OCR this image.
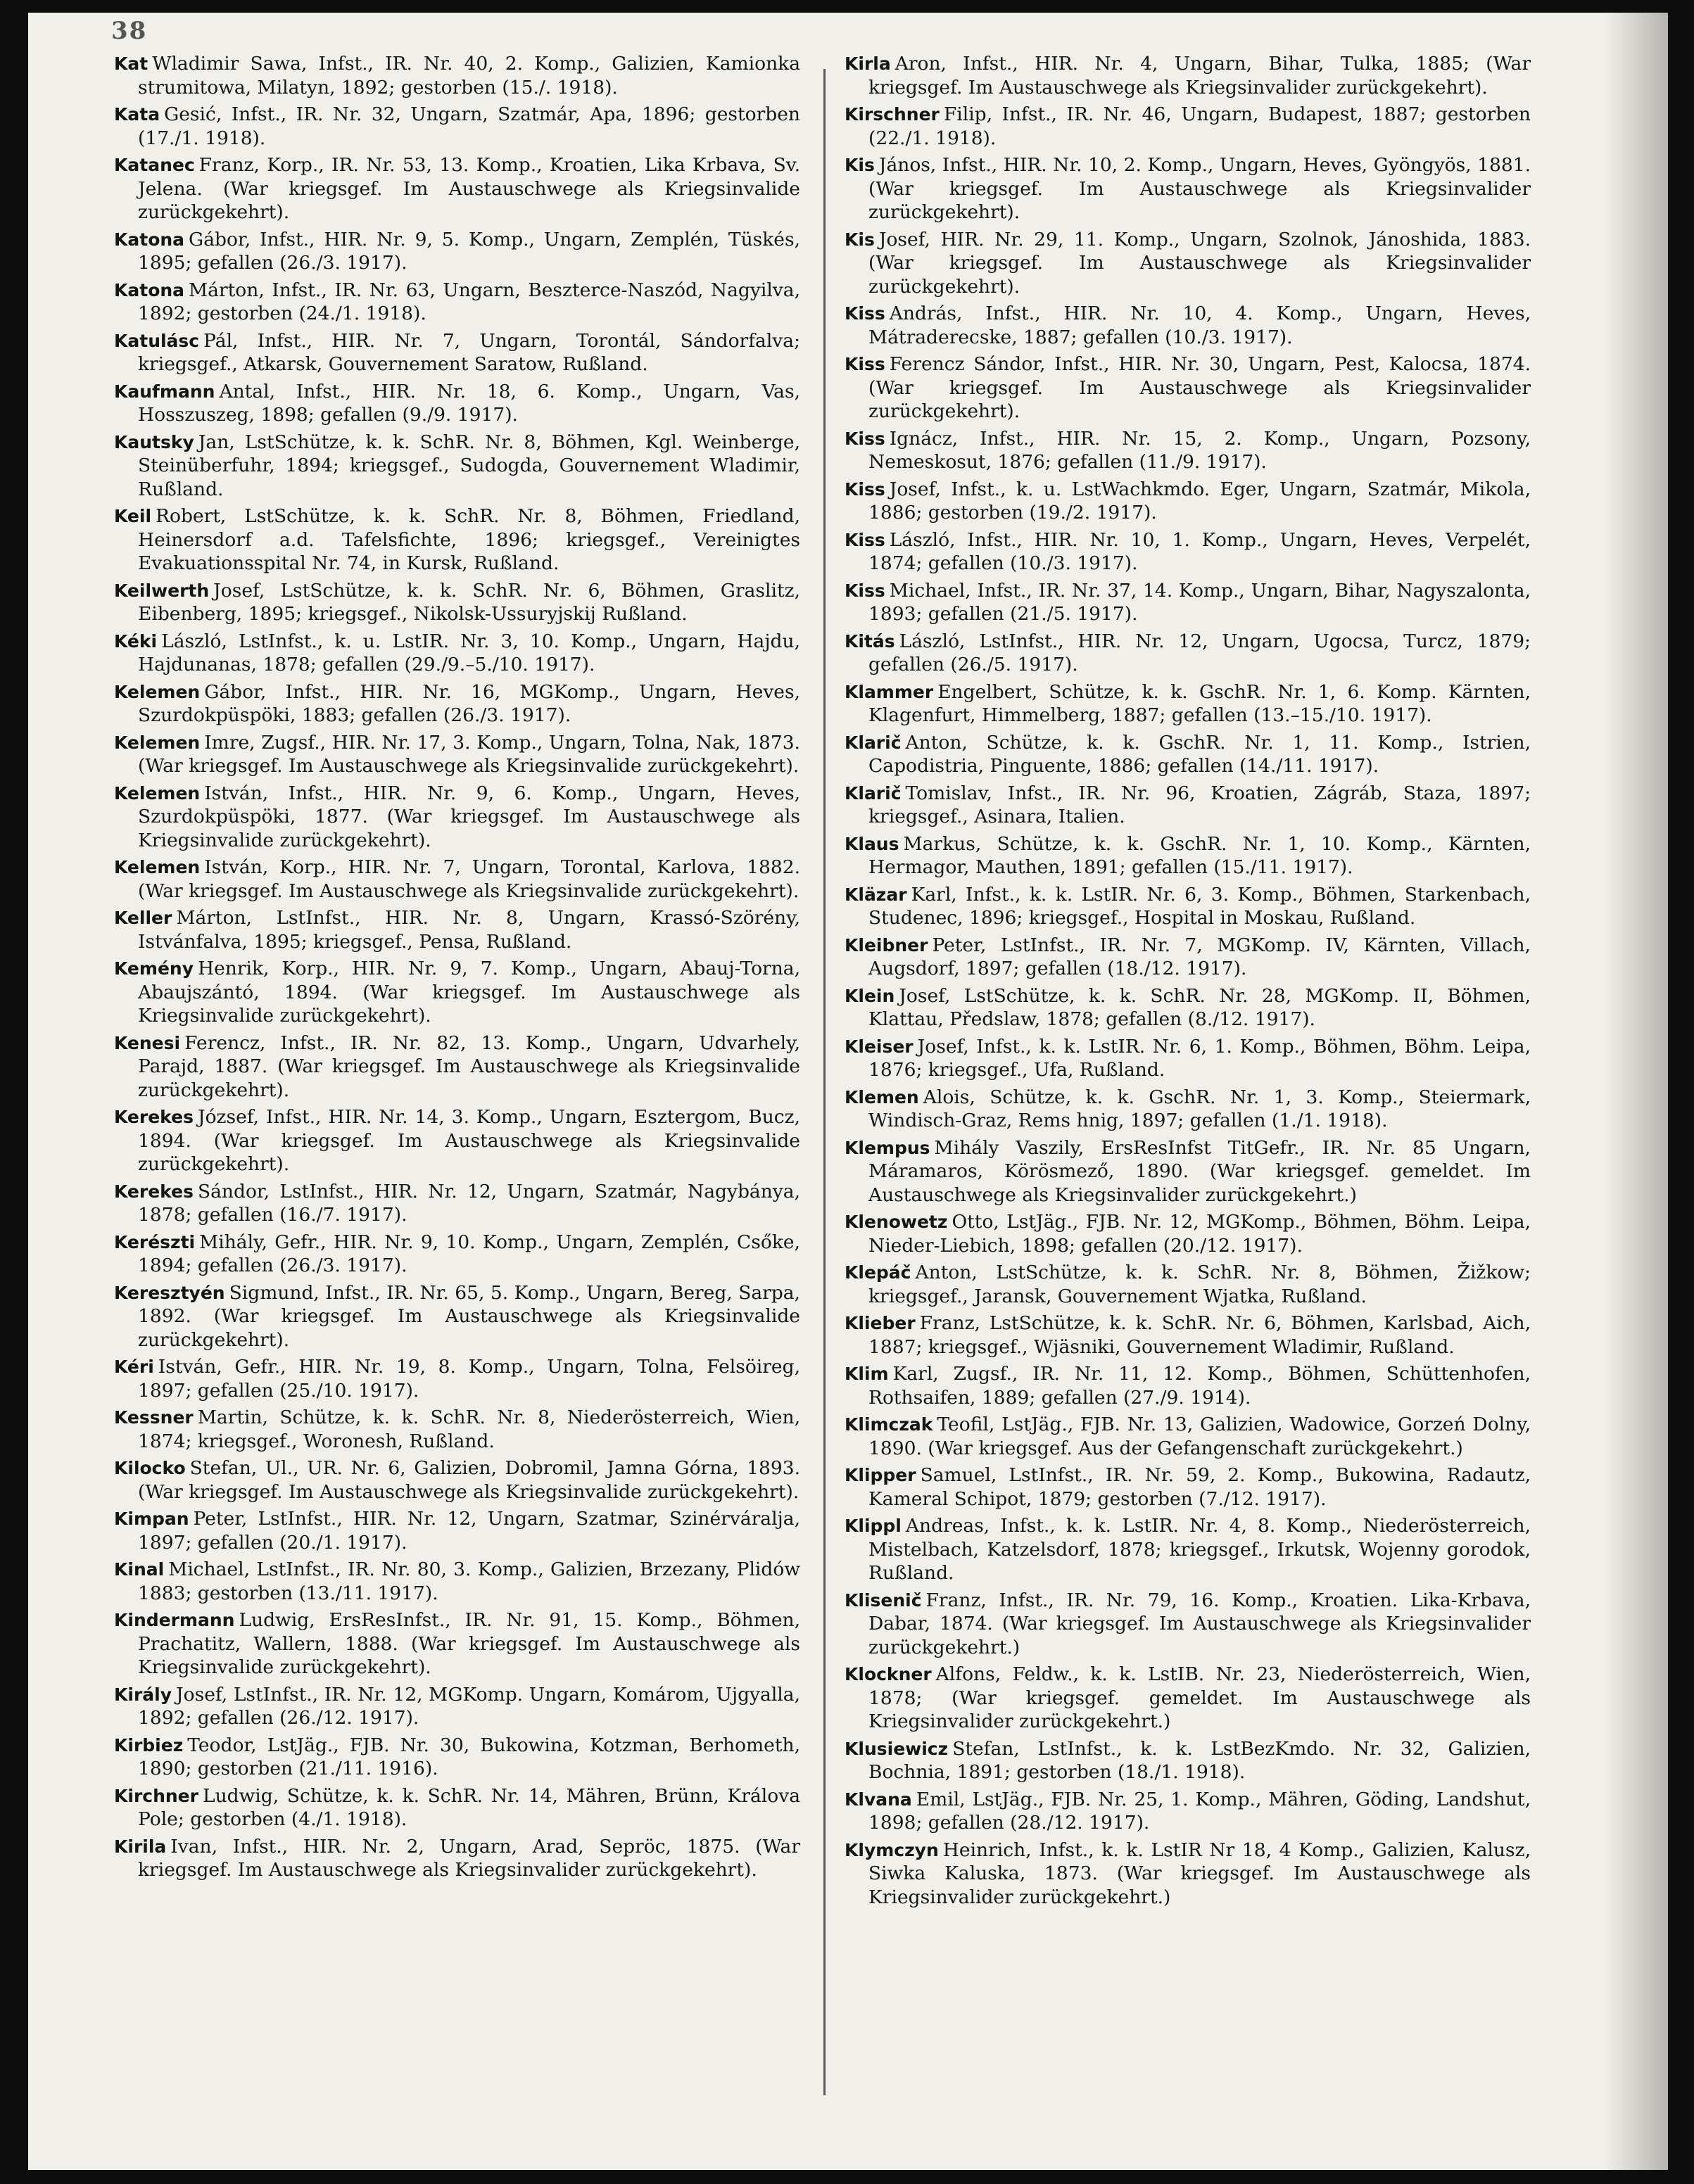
38

Kat Wladimir Sawa, Infst., IR. Nr. 40, 2. Komp., Galizien, Kamionka strumitowa, Milatyn, 1892; gestorben (15./. 1918).

Kata Gesić, Infst., IR. Nr. 32, Ungarn, Szatmár, Apa, 1896; gestorben (17./1. 1918).

Katanec Franz, Korp., IR. Nr. 53, 13. Komp., Kroatien, Lika Krbava, Sv. Jelena. (War kriegsgef. Im Austauschwege als Kriegsinvalide zurückgekehrt).

Katona Gábor, Infst., HIR. Nr. 9, 5. Komp., Ungarn, Zemplén, Tüskés, 1895; gefallen (26./3. 1917).

Katona Márton, Infst., IR. Nr. 63, Ungarn, Beszterce-Naszód, Nagyilva, 1892; gestorben (24./1. 1918).

Katulásc Pál, Infst., HIR. Nr. 7, Ungarn, Torontál, Sándorfalva; kriegsgef., Atkarsk, Gouvernement Saratow, Rußland.

Kaufmann Antal, Infst., HIR. Nr. 18, 6. Komp., Ungarn, Vas, Hosszuszeg, 1898; gefallen (9./9. 1917).

Kautsky Jan, LstSchütze, k. k. SchR. Nr. 8, Böhmen, Kgl. Weinberge, Steinüberfuhr, 1894; kriegsgef., Sudogda, Gouvernement Wladimir, Rußland.

Keil Robert, LstSchütze, k. k. SchR. Nr. 8, Böhmen, Friedland, Heinersdorf a.d. Tafelsfichte, 1896; kriegsgef., Vereinigtes Evakuationsspital Nr. 74, in Kursk, Rußland.

Keilwerth Josef, LstSchütze, k. k. SchR. Nr. 6, Böhmen, Graslitz, Eibenberg, 1895; kriegsgef., Nikolsk-Ussuryjskij Rußland.

Kéki László, LstInfst., k. u. LstIR. Nr. 3, 10. Komp., Ungarn, Hajdu, Hajdunanas, 1878; gefallen (29./9.–5./10. 1917).

Kelemen Gábor, Infst., HIR. Nr. 16, MGKomp., Ungarn, Heves, Szurdokpüspöki, 1883; gefallen (26./3. 1917).

Kelemen Imre, Zugsf., HIR. Nr. 17, 3. Komp., Ungarn, Tolna, Nak, 1873. (War kriegsgef. Im Austauschwege als Kriegsinvalide zurückgekehrt).

Kelemen István, Infst., HIR. Nr. 9, 6. Komp., Ungarn, Heves, Szurdokpüspöki, 1877. (War kriegsgef. Im Austauschwege als Kriegsinvalide zurückgekehrt).

Kelemen István, Korp., HIR. Nr. 7, Ungarn, Torontal, Karlova, 1882. (War kriegsgef. Im Austauschwege als Kriegsinvalide zurückgekehrt).

Keller Márton, LstInfst., HIR. Nr. 8, Ungarn, Krassó-Szörény, Istvánfalva, 1895; kriegsgef., Pensa, Rußland.

Kemény Henrik, Korp., HIR. Nr. 9, 7. Komp., Ungarn, Abauj-Torna, Abaujszántó, 1894. (War kriegsgef. Im Austauschwege als Kriegsinvalide zurückgekehrt).

Kenesi Ferencz, Infst., IR. Nr. 82, 13. Komp., Ungarn, Udvarhely, Parajd, 1887. (War kriegsgef. Im Austauschwege als Kriegsinvalide zurückgekehrt).

Kerekes József, Infst., HIR. Nr. 14, 3. Komp., Ungarn, Esztergom, Bucz, 1894. (War kriegsgef. Im Austauschwege als Kriegsinvalide zurückgekehrt).

Kerekes Sándor, LstInfst., HIR. Nr. 12, Ungarn, Szatmár, Nagybánya, 1878; gefallen (16./7. 1917).

Kerészti Mihály, Gefr., HIR. Nr. 9, 10. Komp., Ungarn, Zemplén, Csőke, 1894; gefallen (26./3. 1917).

Keresztyén Sigmund, Infst., IR. Nr. 65, 5. Komp., Ungarn, Bereg, Sarpa, 1892. (War kriegsgef. Im Austauschwege als Kriegsinvalide zurückgekehrt).

Kéri István, Gefr., HIR. Nr. 19, 8. Komp., Ungarn, Tolna, Felsöireg, 1897; gefallen (25./10. 1917).

Kessner Martin, Schütze, k. k. SchR. Nr. 8, Niederösterreich, Wien, 1874; kriegsgef., Woronesh, Rußland.

Kilocko Stefan, Ul., UR. Nr. 6, Galizien, Dobromil, Jamna Górna, 1893. (War kriegsgef. Im Austauschwege als Kriegsinvalide zurückgekehrt).

Kimpan Peter, LstInfst., HIR. Nr. 12, Ungarn, Szatmar, Szinérváralja, 1897; gefallen (20./1. 1917).

Kinal Michael, LstInfst., IR. Nr. 80, 3. Komp., Galizien, Brzezany, Plidów 1883; gestorben (13./11. 1917).

Kindermann Ludwig, ErsResInfst., IR. Nr. 91, 15. Komp., Böhmen, Prachatitz, Wallern, 1888. (War kriegsgef. Im Austauschwege als Kriegsinvalide zurückgekehrt).

Király Josef, LstInfst., IR. Nr. 12, MGKomp. Ungarn, Komárom, Ujgyalla, 1892; gefallen (26./12. 1917).

Kirbiez Teodor, LstJäg., FJB. Nr. 30, Bukowina, Kotzman, Berhometh, 1890; gestorben (21./11. 1916).

Kirchner Ludwig, Schütze, k. k. SchR. Nr. 14, Mähren, Brünn, Králova Pole; gestorben (4./1. 1918).

Kirila Ivan, Infst., HIR. Nr. 2, Ungarn, Arad, Sepröс, 1875. (War kriegsgef. Im Austauschwege als Kriegsinvalider zurückgekehrt).

Kirla Aron, Infst., HIR. Nr. 4, Ungarn, Bihar, Tulka, 1885; (War kriegsgef. Im Austauschwege als Kriegsinvalider zurückgekehrt).

Kirschner Filip, Infst., IR. Nr. 46, Ungarn, Budapest, 1887; gestorben (22./1. 1918).

Kis János, Infst., HIR. Nr. 10, 2. Komp., Ungarn, Heves, Gyöngyös, 1881. (War kriegsgef. Im Austauschwege als Kriegsinvalider zurückgekehrt).

Kis Josef, HIR. Nr. 29, 11. Komp., Ungarn, Szolnok, Jánoshida, 1883. (War kriegsgef. Im Austauschwege als Kriegsinvalider zurückgekehrt).

Kiss András, Infst., HIR. Nr. 10, 4. Komp., Ungarn, Heves, Mátraderecske, 1887; gefallen (10./3. 1917).

Kiss Ferencz Sándor, Infst., HIR. Nr. 30, Ungarn, Pest, Kalocsa, 1874. (War kriegsgef. Im Austauschwege als Kriegsinvalider zurückgekehrt).

Kiss Ignácz, Infst., HIR. Nr. 15, 2. Komp., Ungarn, Pozsony, Nemeskosut, 1876; gefallen (11./9. 1917).

Kiss Josef, Infst., k. u. LstWachkmdo. Eger, Ungarn, Szatmár, Mikola, 1886; gestorben (19./2. 1917).

Kiss László, Infst., HIR. Nr. 10, 1. Komp., Ungarn, Heves, Verpelét, 1874; gefallen (10./3. 1917).

Kiss Michael, Infst., IR. Nr. 37, 14. Komp., Ungarn, Bihar, Nagyszalonta, 1893; gefallen (21./5. 1917).

Kitás László, LstInfst., HIR. Nr. 12, Ungarn, Ugocsa, Turcz, 1879; gefallen (26./5. 1917).

Klammer Engelbert, Schütze, k. k. GschR. Nr. 1, 6. Komp. Kärnten, Klagenfurt, Himmelberg, 1887; gefallen (13.–15./10. 1917).

Klarič Anton, Schütze, k. k. GschR. Nr. 1, 11. Komp., Istrien, Capodistria, Pinguente, 1886; gefallen (14./11. 1917).

Klarič Tomislav, Infst., IR. Nr. 96, Kroatien, Zágráb, Staza, 1897; kriegsgef., Asinara, Italien.

Klaus Markus, Schütze, k. k. GschR. Nr. 1, 10. Komp., Kärnten, Hermagor, Mauthen, 1891; gefallen (15./11. 1917).

Kläzar Karl, Infst., k. k. LstIR. Nr. 6, 3. Komp., Böhmen, Starkenbach, Studenec, 1896; kriegsgef., Hospital in Moskau, Rußland.

Kleibner Peter, LstInfst., IR. Nr. 7, MGKomp. IV, Kärnten, Villach, Augsdorf, 1897; gefallen (18./12. 1917).

Klein Josef, LstSchütze, k. k. SchR. Nr. 28, MGKomp. II, Böhmen, Klattau, Předslaw, 1878; gefallen (8./12. 1917).

Kleiser Josef, Infst., k. k. LstIR. Nr. 6, 1. Komp., Böhmen, Böhm. Leipa, 1876; kriegsgef., Ufa, Rußland.

Klemen Alois, Schütze, k. k. GschR. Nr. 1, 3. Komp., Steiermark, Windisch-Graz, Rems hnig, 1897; gefallen (1./1. 1918).

Klempus Mihály Vaszily, ErsResInfst TitGefr., IR. Nr. 85 Ungarn, Máramaros, Körösmező, 1890. (War kriegsgef. gemeldet. Im Austauschwege als Kriegsinvalider zurückgekehrt.)

Klenowetz Otto, LstJäg., FJB. Nr. 12, MGKomp., Böhmen, Böhm. Leipa, Nieder-Liebich, 1898; gefallen (20./12. 1917).

Klepáč Anton, LstSchütze, k. k. SchR. Nr. 8, Böhmen, Žižkow; kriegsgef., Jaransk, Gouvernement Wjatka, Rußland.

Klieber Franz, LstSchütze, k. k. SchR. Nr. 6, Böhmen, Karlsbad, Aich, 1887; kriegsgef., Wjäsniki, Gouvernement Wladimir, Rußland.

Klim Karl, Zugsf., IR. Nr. 11, 12. Komp., Böhmen, Schüttenhofen, Rothsaifen, 1889; gefallen (27./9. 1914).

Klimczak Teofil, LstJäg., FJB. Nr. 13, Galizien, Wadowice, Gorzeń Dolny, 1890. (War kriegsgef. Aus der Gefangenschaft zurückgekehrt.)

Klipper Samuel, LstInfst., IR. Nr. 59, 2. Komp., Bukowina, Radautz, Kameral Schipot, 1879; gestorben (7./12. 1917).

Klippl Andreas, Infst., k. k. LstIR. Nr. 4, 8. Komp., Niederösterreich, Mistelbach, Katzelsdorf, 1878; kriegsgef., Irkutsk, Wojenny gorodok, Rußland.

Klisenič Franz, Infst., IR. Nr. 79, 16. Komp., Kroatien. Lika-Krbava, Dabar, 1874. (War kriegsgef. Im Austauschwege als Kriegsinvalider zurückgekehrt.)

Klockner Alfons, Feldw., k. k. LstIB. Nr. 23, Niederösterreich, Wien, 1878; (War kriegsgef. gemeldet. Im Austauschwege als Kriegsinvalider zurückgekehrt.)

Klusiewicz Stefan, LstInfst., k. k. LstBezKmdo. Nr. 32, Galizien, Bochnia, 1891; gestorben (18./1. 1918).

Klvana Emil, LstJäg., FJB. Nr. 25, 1. Komp., Mähren, Göding, Landshut, 1898; gefallen (28./12. 1917).

Klymczyn Heinrich, Infst., k. k. LstIR Nr 18, 4 Komp., Galizien, Kalusz, Siwka Kaluska, 1873. (War kriegsgef. Im Austauschwege als Kriegsinvalider zurückgekehrt.)
